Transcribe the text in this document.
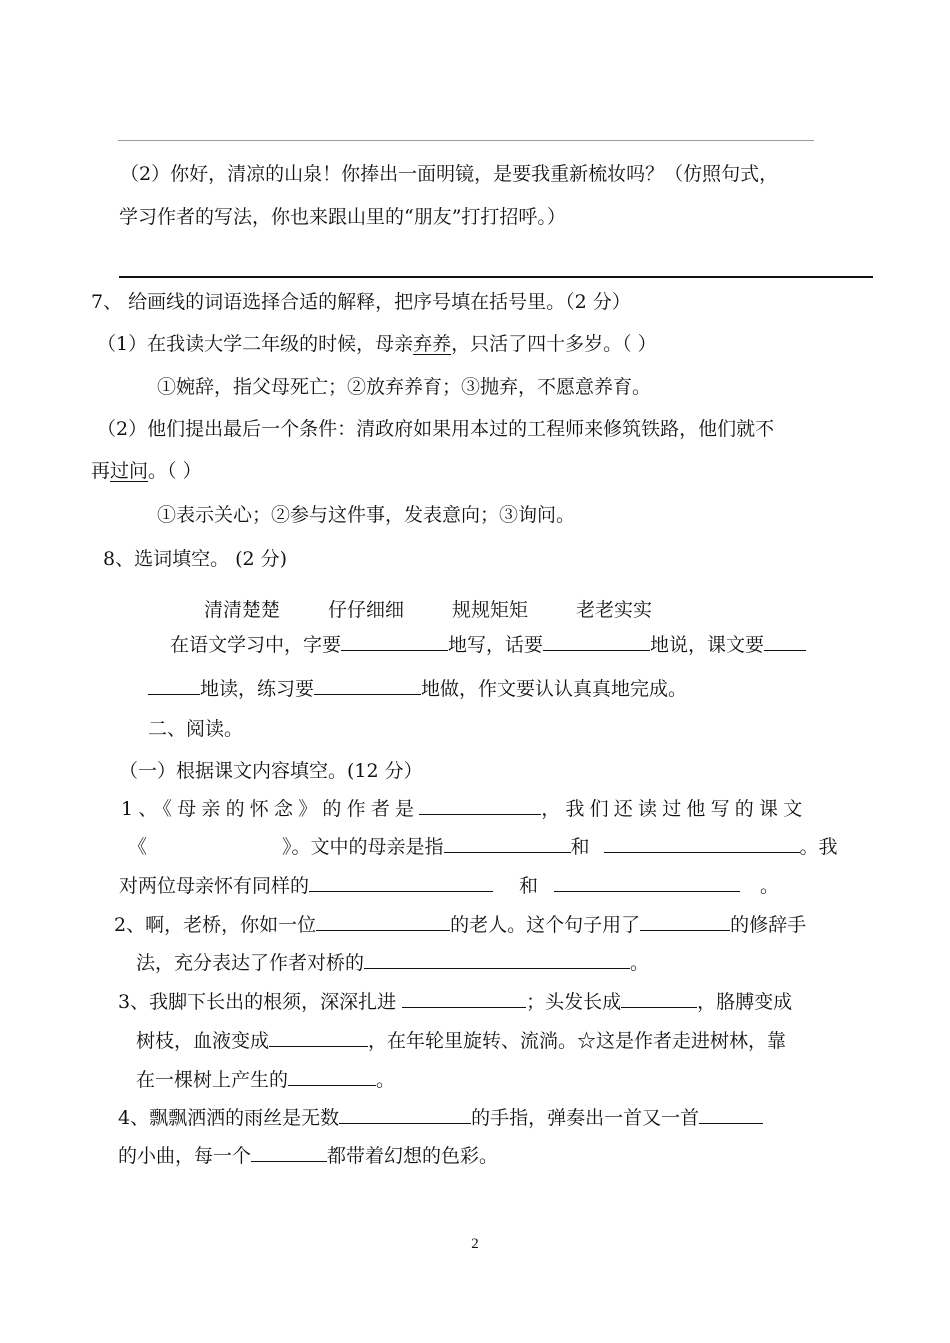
（2）你好，清凉的山泉！你捧出一面明镜，是要我重新梳妆吗？（仿照句式，
学习作者的写法，你也来跟山里的“朋友”打打招呼。）
7、 给画线的词语选择合适的解释，把序号填在括号里。（2 分）
（1）在我读大学二年级的时候，母亲弃养，只活了四十多岁。（ ）
①婉辞，指父母死亡；②放弃养育；③抛弃，不愿意养育。
（2）他们提出最后一个条件：清政府如果用本过的工程师来修筑铁路，他们就不
再过问。（ ）
①表示关心；②参与这件事，发表意向；③询问。
8、选词填空。 (2 分)
清清楚楚	仔仔细细	规规矩矩	老老实实
在语文学习中，字要	地写，话要	地说，课文要
地读，练习要	地做，作文要认认真真地完成。
二、阅读。
（一）根据课文内容填空。(12 分）
1、《母亲的怀念》的作者是	，我们还读过他写的课文
《	》。文中的母亲是指	和	。我
对两位母亲怀有同样的	和	。
2、啊，老桥，你如一位	的老人。这个句子用了	的修辞手
法，充分表达了作者对桥的	。
3、我脚下长出的根须，深深扎进	；头发长成	，胳膊变成
树枝，血液变成	，在年轮里旋转、流淌。☆这是作者走进树林，靠
在一棵树上产生的	。
4、飘飘洒洒的雨丝是无数	的手指，弹奏出一首又一首
的小曲，每一个	都带着幻想的色彩。
2
